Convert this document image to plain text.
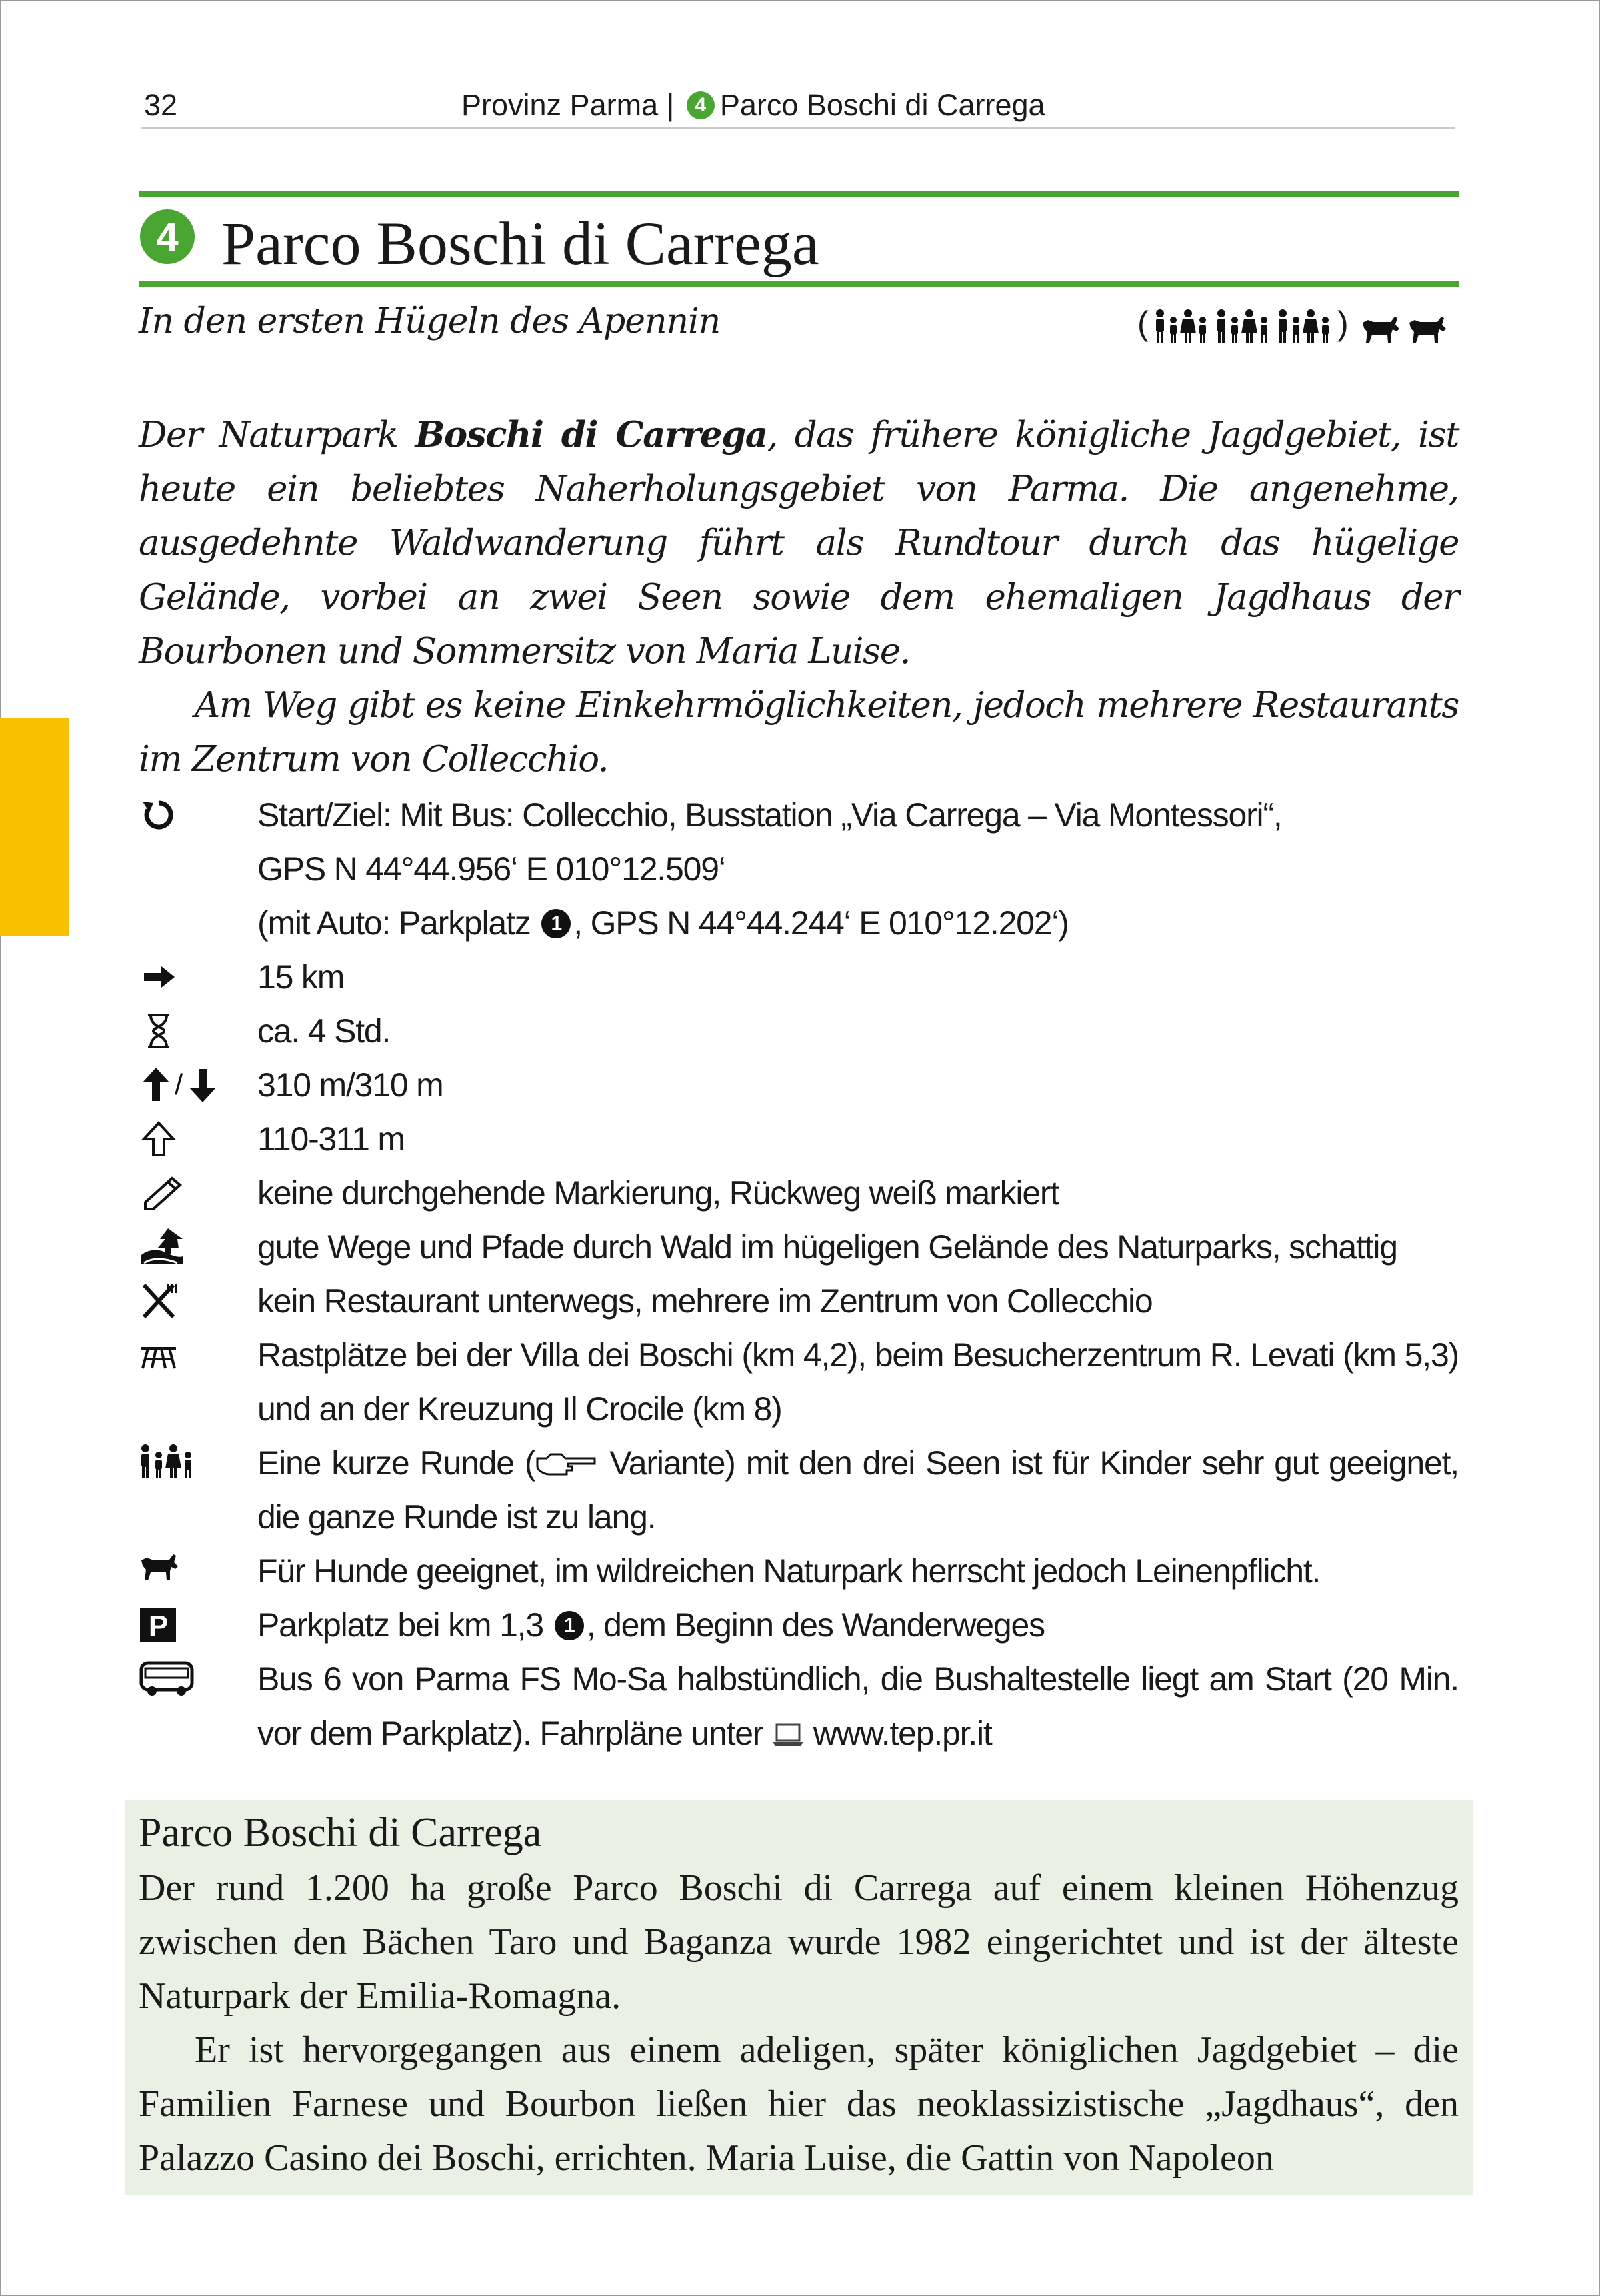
32	Provinz Parma | 4 Parco Boschi di Carrega
4 Parco Boschi di Carrega
In den ersten Hügeln des Apennin	(	)

Der Naturpark Boschi di Carrega, das frühere königliche Jagdgebiet, ist heute ein beliebtes Naherholungsgebiet von Parma. Die angenehme, ausgedehnte Waldwanderung führt als Rundtour durch das hügelige Gelände, vorbei an zwei Seen sowie dem ehemaligen Jagdhaus der Bourbonen und Sommersitz von Maria Luise.

Am Weg gibt es keine Einkehrmöglichkeiten, jedoch mehrere Restaurants im Zentrum von Collecchio.

Start/Ziel: Mit Bus: Collecchio, Busstation „Via Carrega – Via Montessori“,
GPS N 44°44.956‘ E 010°12.509‘
(mit Auto: Parkplatz 1 , GPS N 44°44.244‘ E 010°12.202‘)
15 km
ca. 4 Std.
/ 310 m/310 m
110-311 m
keine durchgehende Markierung, Rückweg weiß markiert
gute Wege und Pfade durch Wald im hügeligen Gelände des Naturparks, schattig
kein Restaurant unterwegs, mehrere im Zentrum von Collecchio
Rastplätze bei der Villa dei Boschi (km 4,2), beim Besucherzentrum R. Levati (km 5,3) und an der Kreuzung Il Crocile (km 8)
Eine kurze Runde ( Variante) mit den drei Seen ist für Kinder sehr gut geeignet, die ganze Runde ist zu lang.
Für Hunde geeignet, im wildreichen Naturpark herrscht jedoch Leinenpflicht.
P	Parkplatz bei km 1,3 1 , dem Beginn des Wanderweges
Bus 6 von Parma FS Mo-Sa halbstündlich, die Bushaltestelle liegt am Start (20 Min. vor dem Parkplatz). Fahrpläne unter www.tep.pr.it
Parco Boschi di Carrega

Der rund 1.200 ha große Parco Boschi di Carrega auf einem kleinen Höhenzug zwischen den Bächen Taro und Baganza wurde 1982 eingerichtet und ist der älteste Naturpark der Emilia-Romagna.

Er ist hervorgegangen aus einem adeligen, später königlichen Jagdgebiet – die Familien Farnese und Bourbon ließen hier das neoklassizistische „Jagdhaus“, den Palazzo Casino dei Boschi, errichten. Maria Luise, die Gattin von Napoleon
